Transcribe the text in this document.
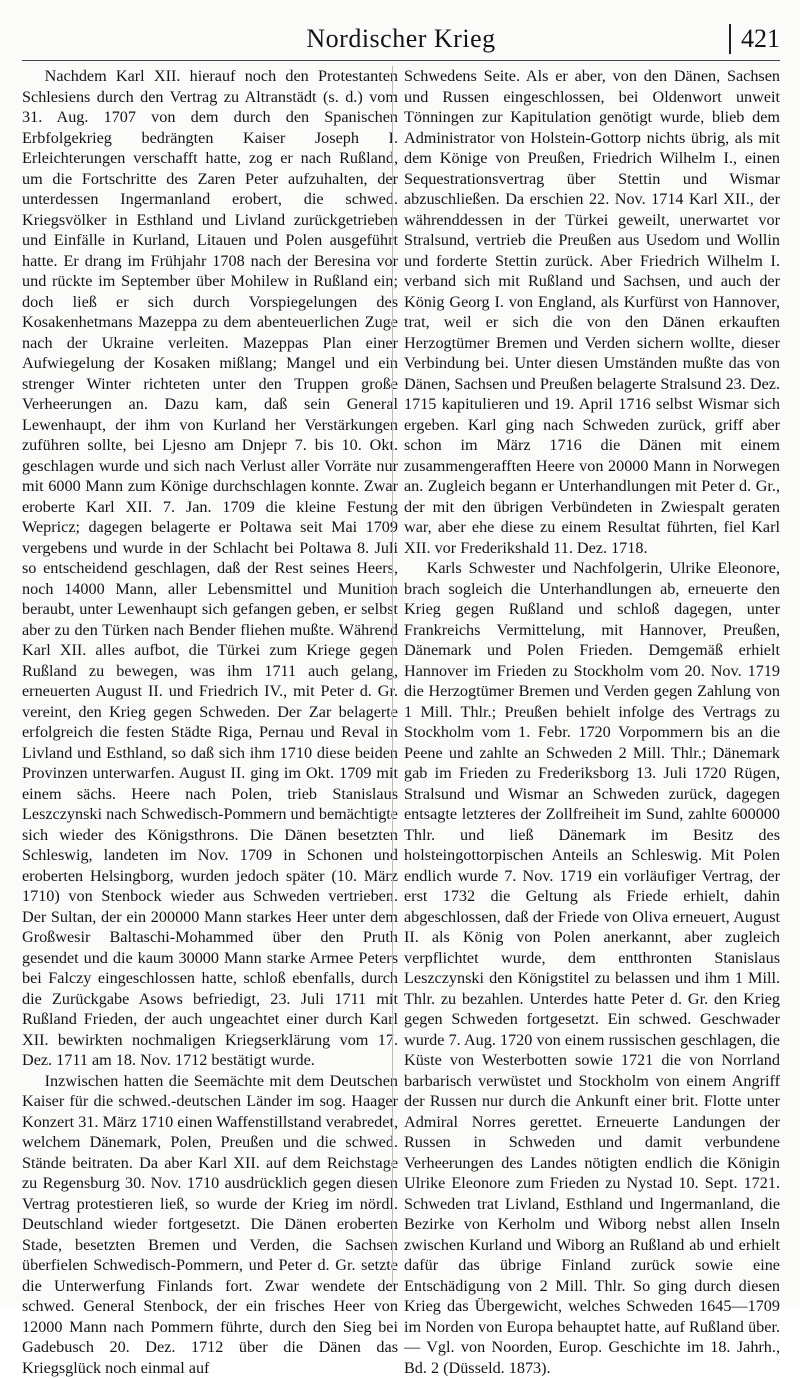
Nordischer Krieg	421

Nachdem Karl XII. hierauf noch den Protestanten Schlesiens durch den Vertrag zu Altranstädt (s. d.) vom 31. Aug. 1707 von dem durch den Spanischen Erbfolgekrieg bedrängten Kaiser Joseph I. Erleichterungen verschafft hatte, zog er nach Rußland, um die Fortschritte des Zaren Peter aufzuhalten, der unterdessen Ingermanland erobert, die schwed. Kriegsvölker in Esthland und Livland zurückgetrieben und Einfälle in Kurland, Litauen und Polen ausgeführt hatte. Er drang im Frühjahr 1708 nach der Beresina vor und rückte im September über Mohilew in Rußland ein; doch ließ er sich durch Vorspiegelungen des Kosakenhetmans Mazeppa zu dem abenteuerlichen Zuge nach der Ukraine verleiten. Mazeppas Plan einer Aufwiegelung der Kosaken mißlang; Mangel und ein strenger Winter richteten unter den Truppen große Verheerungen an. Dazu kam, daß sein General Lewenhaupt, der ihm von Kurland her Verstärkungen zuführen sollte, bei Ljesno am Dnjepr 7. bis 10. Okt. geschlagen wurde und sich nach Verlust aller Vorräte nur mit 6000 Mann zum Könige durchschlagen konnte. Zwar eroberte Karl XII. 7. Jan. 1709 die kleine Festung Wepricz; dagegen belagerte er Poltawa seit Mai 1709 vergebens und wurde in der Schlacht bei Poltawa 8. Juli so entscheidend geschlagen, daß der Rest seines Heers, noch 14000 Mann, aller Lebensmittel und Munition beraubt, unter Lewenhaupt sich gefangen geben, er selbst aber zu den Türken nach Bender fliehen mußte. Während Karl XII. alles aufbot, die Türkei zum Kriege gegen Rußland zu bewegen, was ihm 1711 auch gelang, erneuerten August II. und Friedrich IV., mit Peter d. Gr. vereint, den Krieg gegen Schweden. Der Zar belagerte erfolgreich die festen Städte Riga, Pernau und Reval in Livland und Esthland, so daß sich ihm 1710 diese beiden Provinzen unterwarfen. August II. ging im Okt. 1709 mit einem sächs. Heere nach Polen, trieb Stanislaus Leszczynski nach Schwedisch-Pommern und bemächtigte sich wieder des Königsthrons. Die Dänen besetzten Schleswig, landeten im Nov. 1709 in Schonen und eroberten Helsingborg, wurden jedoch später (10. März 1710) von Stenbock wieder aus Schweden vertrieben. Der Sultan, der ein 200000 Mann starkes Heer unter dem Großwesir Baltaschi-Mohammed über den Pruth gesendet und die kaum 30000 Mann starke Armee Peters bei Falczy eingeschlossen hatte, schloß ebenfalls, durch die Zurückgabe Asows befriedigt, 23. Juli 1711 mit Rußland Frieden, der auch ungeachtet einer durch Karl XII. bewirkten nochmaligen Kriegserklärung vom 17. Dez. 1711 am 18. Nov. 1712 bestätigt wurde.

Inzwischen hatten die Seemächte mit dem Deutschen Kaiser für die schwed.-deutschen Länder im sog. Haager Konzert 31. März 1710 einen Waffenstillstand verabredet, welchem Dänemark, Polen, Preußen und die schwed. Stände beitraten. Da aber Karl XII. auf dem Reichstage zu Regensburg 30. Nov. 1710 ausdrücklich gegen diesen Vertrag protestieren ließ, so wurde der Krieg im nördl. Deutschland wieder fortgesetzt. Die Dänen eroberten Stade, besetzten Bremen und Verden, die Sachsen überfielen Schwedisch-Pommern, und Peter d. Gr. setzte die Unterwerfung Finlands fort. Zwar wendete der schwed. General Stenbock, der ein frisches Heer von 12000 Mann nach Pommern führte, durch den Sieg bei Gadebusch 20. Dez. 1712 über die Dänen das Kriegsglück noch einmal auf

Schwedens Seite. Als er aber, von den Dänen, Sachsen und Russen eingeschlossen, bei Oldenwort unweit Tönningen zur Kapitulation genötigt wurde, blieb dem Administrator von Holstein-Gottorp nichts übrig, als mit dem Könige von Preußen, Friedrich Wilhelm I., einen Sequestrationsvertrag über Stettin und Wismar abzuschließen. Da erschien 22. Nov. 1714 Karl XII., der währenddessen in der Türkei geweilt, unerwartet vor Stralsund, vertrieb die Preußen aus Usedom und Wollin und forderte Stettin zurück. Aber Friedrich Wilhelm I. verband sich mit Rußland und Sachsen, und auch der König Georg I. von England, als Kurfürst von Hannover, trat, weil er sich die von den Dänen erkauften Herzogtümer Bremen und Verden sichern wollte, dieser Verbindung bei. Unter diesen Umständen mußte das von Dänen, Sachsen und Preußen belagerte Stralsund 23. Dez. 1715 kapitulieren und 19. April 1716 selbst Wismar sich ergeben. Karl ging nach Schweden zurück, griff aber schon im März 1716 die Dänen mit einem zusammengerafften Heere von 20000 Mann in Norwegen an. Zugleich begann er Unterhandlungen mit Peter d. Gr., der mit den übrigen Verbündeten in Zwiespalt geraten war, aber ehe diese zu einem Resultat führten, fiel Karl XII. vor Frederikshald 11. Dez. 1718.

Karls Schwester und Nachfolgerin, Ulrike Eleonore, brach sogleich die Unterhandlungen ab, erneuerte den Krieg gegen Rußland und schloß dagegen, unter Frankreichs Vermittelung, mit Hannover, Preußen, Dänemark und Polen Frieden. Demgemäß erhielt Hannover im Frieden zu Stockholm vom 20. Nov. 1719 die Herzogtümer Bremen und Verden gegen Zahlung von 1 Mill. Thlr.; Preußen behielt infolge des Vertrags zu Stockholm vom 1. Febr. 1720 Vorpommern bis an die Peene und zahlte an Schweden 2 Mill. Thlr.; Dänemark gab im Frieden zu Frederiksborg 13. Juli 1720 Rügen, Stralsund und Wismar an Schweden zurück, dagegen entsagte letzteres der Zollfreiheit im Sund, zahlte 600000 Thlr. und ließ Dänemark im Besitz des holsteingottorpischen Anteils an Schleswig. Mit Polen endlich wurde 7. Nov. 1719 ein vorläufiger Vertrag, der erst 1732 die Geltung als Friede erhielt, dahin abgeschlossen, daß der Friede von Oliva erneuert, August II. als König von Polen anerkannt, aber zugleich verpflichtet wurde, dem entthronten Stanislaus Leszczynski den Königstitel zu belassen und ihm 1 Mill. Thlr. zu bezahlen. Unterdes hatte Peter d. Gr. den Krieg gegen Schweden fortgesetzt. Ein schwed. Geschwader wurde 7. Aug. 1720 von einem russischen geschlagen, die Küste von Westerbotten sowie 1721 die von Norrland barbarisch verwüstet und Stockholm von einem Angriff der Russen nur durch die Ankunft einer brit. Flotte unter Admiral Norres gerettet. Erneuerte Landungen der Russen in Schweden und damit verbundene Verheerungen des Landes nötigten endlich die Königin Ulrike Eleonore zum Frieden zu Nystad 10. Sept. 1721. Schweden trat Livland, Esthland und Ingermanland, die Bezirke von Kerholm und Wiborg nebst allen Inseln zwischen Kurland und Wiborg an Rußland ab und erhielt dafür das übrige Finland zurück sowie eine Entschädigung von 2 Mill. Thlr. So ging durch diesen Krieg das Übergewicht, welches Schweden 1645—1709 im Norden von Europa behauptet hatte, auf Rußland über. — Vgl. von Noorden, Europ. Geschichte im 18. Jahrh., Bd. 2 (Düsseld. 1873).
